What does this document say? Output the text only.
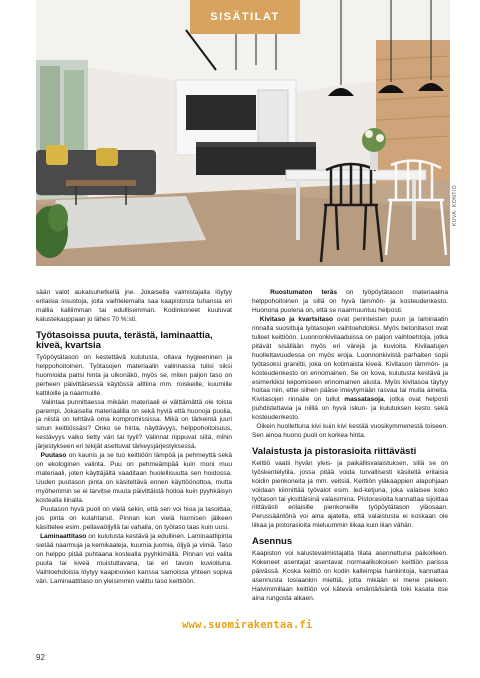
SISÄTILAT
KUVA: KONTIO

sään valot aukaisuhetkellä jne. Jokaisella valmistajalla löytyy erilaisia sisustoja, joita vaihtelemalla saa kaapistosta tuhansia eri mallia kalliimman tai edullisemman. Kodinkoneet kuuluvat kalustekauppaan jo lähes 70 %:sti.

Työtasoissa puuta, terästä, laminaattia, kiveä, kvartsia

Työpöytätason on kestettävä kulutusta, oltava hygieeninen ja helppohoitoinen. Työtasojen materiaalin valinnassa tulisi siksi huomioida paitsi hinta ja ulkonäkö, myös se, miten paljon taso on perheen päivittäisessä käytössä alttiina mm. roiskeille, kuumille kattiloille ja naarmuille.

Valintaa punnittaessa mikään materiaali ei välttämättä ole toista parempi. Jokaisella materiaalilla on sekä hyviä että huonoja puolia, ja niistä on tehtävä oma kompromississa. Mikä on tärkeintä juuri sinun keittiössäsi? Onko se hinta, näyttävyys, helppohoitoisuus, kestävyys vaiko tietty väri tai tyyli? Valinnat riippuvat siitä, mihin järjestykseen eri tekijät asettuvat tärkeysjärjestyksessä.

Puutaso on kaunis ja se tuo keittiöön lämpöä ja pehmeyttä sekä on ekologinen valinta. Puu on pehmeämpää kuin moni muu materiaali, joten käyttäjältä vaaditaan huolellisuutta sen hoidossa. Uuden puutason pinta on käsiteltävä ennen käyttöönottoa, mutta myöhemmin se ei tarvitse muuta päivittäistä hoitoa kuin pyyhkäisyn kostealla liinalla.

Puutason hyvä puoli on vielä sekin, että sen voi hioa ja tasoittaa, jos pinta on kulahtanut. Pinnan kun vielä hiomisen jälkeen käsittelee esim. pellavaöljyllä tai vahalla, on työtaso taas kuin uusi.

Laminaattitaso on kulutusta kestävä ja edullinen. Laminaattipinta sietää naarmuja ja kemikaaleja, kuumia juomia, öljyä ja viiniä. Taso on helppo pitää puhtaana kostealla pyyhkimällä. Pinnan voi valita puuta tai kiveä muistuttavana, tai eri tavoin kuvioituna. Vaihtoehdoista löytyy kaapinovien kanssa samoissa yhteen sopiva väri. Laminaattitaso on yleisimmin valittu taso keittiöön.

Ruostumaton teräs on työpöytätason materiaalina helppohoitoinen ja sillä on hyvä lämmön- ja kosteudenkesto. Huonona puolena on, että se naarmuuntuu helposti.

Kivitaso ja kvartsitaso ovat perinteisten puun ja laminaatin rinnalla suosittuja työtasojen vaihtoehdoiksi. Myös betonitasot ovat tulleet keittiöön. Luonnonkivilaaduissa on paljon vaihtoehtoja, jotka pitävät sisällään myös eri värejä ja kuvioita. Kivilaatujen huollettavuudessa on myös eroja. Luonnonkivistä parhaiten sopii työtasoksi graniitti, joka on kotimaista kiveä. Kivitason lämmön- ja kosteudenkesto on erinomainen. Se on kova, kulutusta kestävä ja esimerkiksi leipomiseen erinomainen alusta. Myös kivitasoa täytyy hoitaa niin, ettei siihen pääse imeytymään rasvaa tai muita aineita. Kivitasojen rinnalle on tullut massatasoja, jotka ovat helposti puhdistettavia ja niillä on hyvä iskun- ja kulutuksen kesto sekä kosteudenkesto.

Oikein huollettuna kivi kuin kivi kestää vuosikymmenestä toiseen. Sen ainoa huono puoli on korkea hinta.

Valaistusta ja pistorasioita riittävästi

Keittiö vaatii hyvän yleis- ja paikallisvalaistuksen, sillä se on työskentelytila, jossa pitää voida turvallisesti käsitellä erilaisia koidin pienkoneita ja mm. veitsiä. Keittiön yläkaappien alapohjaan voidaan kiinnittää työvalot esim. led-ketjuna, joka valaisee koko työtason tai yksittäisinä valaisimina. Pistorasioita kannattaa sijoittaa riittävästi erilaisille pienkoneille työpöytätason yläosaan. Perussääntönä voi aina ajatella, että valaistusta ei koskaan ole liikaa ja pistorasioita mieluummin liikaa kuin liian vähän.

Asennus

Kaapiston voi kalustevalmistajalta tilata asennettuna paikoilleen. Kokeneet asentajat asentavat normaalikokoisen keittiön parissa päivässä. Koska keittiö on kodin kalleimpia hankintoja, kannattaa asennusta tosiaankin miettiä, jotta mikään ei mene pieleen. Halvimmillaan keittiön voi kätevä emäntä/isäntä toki kasata itse aina rungosta alkaen.

www.suomirakentaa.fi
92
